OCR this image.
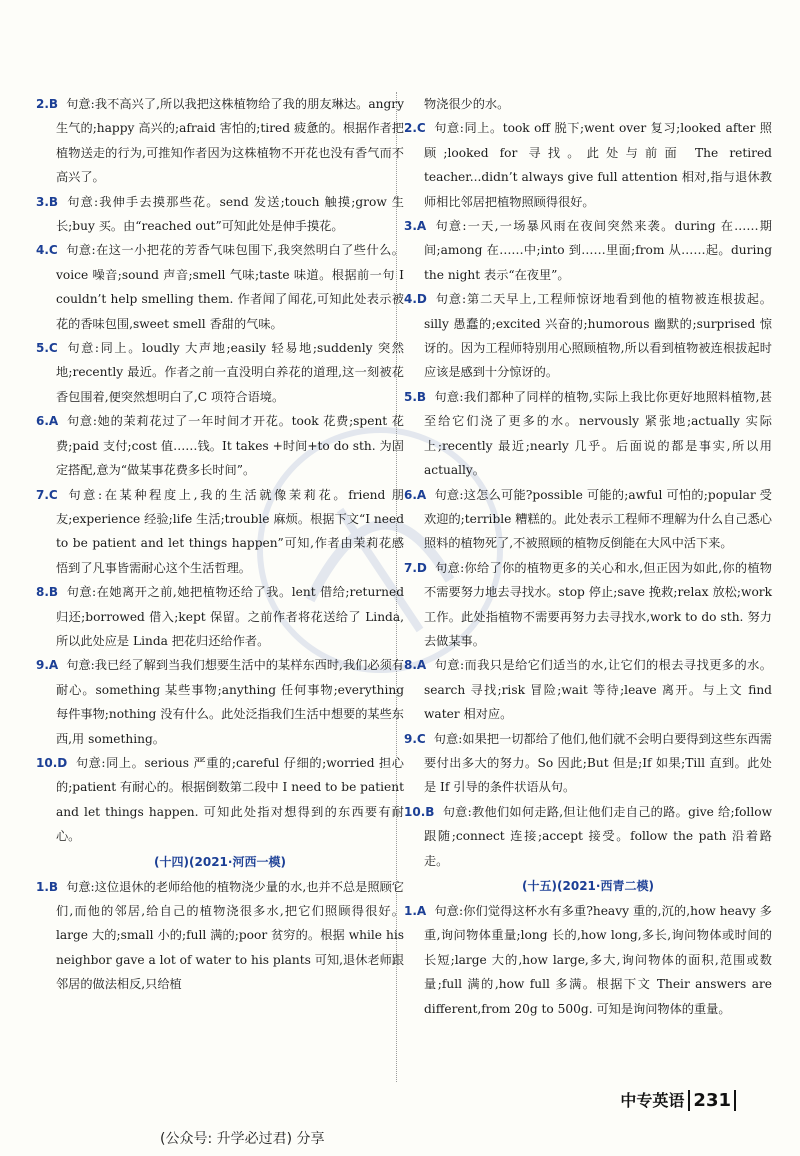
2.B 句意:我不高兴了,所以我把这株植物给了我的朋友琳达。angry 生气的;happy 高兴的;afraid 害怕的;tired 疲惫的。根据作者把植物送走的行为,可推知作者因为这株植物不开花也没有香气而不高兴了。
3.B 句意:我伸手去摸那些花。send 发送;touch 触摸;grow 生长;buy 买。由“reached out”可知此处是伸手摸花。
4.C 句意:在这一小把花的芳香气味包围下,我突然明白了些什么。voice 噪音;sound 声音;smell 气味;taste 味道。根据前一句 I couldn’t help smelling them. 作者闻了闻花,可知此处表示被花的香味包围,sweet smell 香甜的气味。
5.C 句意:同上。loudly 大声地;easily 轻易地;suddenly 突然地;recently 最近。作者之前一直没明白养花的道理,这一刻被花香包围着,便突然想明白了,C 项符合语境。
6.A 句意:她的茉莉花过了一年时间才开花。took 花费;spent 花费;paid 支付;cost 值……钱。It takes +时间+to do sth. 为固定搭配,意为“做某事花费多长时间”。
7.C 句意:在某种程度上,我的生活就像茉莉花。friend 朋友;experience 经验;life 生活;trouble 麻烦。根据下文“I need to be patient and let things happen”可知,作者由茉莉花感悟到了凡事皆需耐心这个生活哲理。
8.B 句意:在她离开之前,她把植物还给了我。lent 借给;returned 归还;borrowed 借入;kept 保留。之前作者将花送给了 Linda,所以此处应是 Linda 把花归还给作者。
9.A 句意:我已经了解到当我们想要生活中的某样东西时,我们必须有耐心。something 某些事物;anything 任何事物;everything 每件事物;nothing 没有什么。此处泛指我们生活中想要的某些东西,用 something。
10.D 句意:同上。serious 严重的;careful 仔细的;worried 担心的;patient 有耐心的。根据倒数第二段中 I need to be patient and let things happen. 可知此处指对想得到的东西要有耐心。
(十四)(2021·河西一模)
1.B 句意:这位退休的老师给他的植物浇少量的水,也并不总是照顾它们,而他的邻居,给自己的植物浇很多水,把它们照顾得很好。large 大的;small 小的;full 满的;poor 贫穷的。根据 while his neighbor gave a lot of water to his plants 可知,退休老师跟邻居的做法相反,只给植
物浇很少的水。
2.C 句意:同上。took off 脱下;went over 复习;looked after 照顾;looked for 寻找。此处与前面 The retired teacher...didn’t always give full attention 相对,指与退休教师相比邻居把植物照顾得很好。
3.A 句意:一天,一场暴风雨在夜间突然来袭。during 在……期间;among 在……中;into 到……里面;from 从……起。during the night 表示“在夜里”。
4.D 句意:第二天早上,工程师惊讶地看到他的植物被连根拔起。silly 愚蠢的;excited 兴奋的;humorous 幽默的;surprised 惊讶的。因为工程师特别用心照顾植物,所以看到植物被连根拔起时应该是感到十分惊讶的。
5.B 句意:我们都种了同样的植物,实际上我比你更好地照料植物,甚至给它们浇了更多的水。nervously 紧张地;actually 实际上;recently 最近;nearly 几乎。后面说的都是事实,所以用 actually。
6.A 句意:这怎么可能?possible 可能的;awful 可怕的;popular 受欢迎的;terrible 糟糕的。此处表示工程师不理解为什么自己悉心照料的植物死了,不被照顾的植物反倒能在大风中活下来。
7.D 句意:你给了你的植物更多的关心和水,但正因为如此,你的植物不需要努力地去寻找水。stop 停止;save 挽救;relax 放松;work 工作。此处指植物不需要再努力去寻找水,work to do sth. 努力去做某事。
8.A 句意:而我只是给它们适当的水,让它们的根去寻找更多的水。search 寻找;risk 冒险;wait 等待;leave 离开。与上文 find water 相对应。
9.C 句意:如果把一切都给了他们,他们就不会明白要得到这些东西需要付出多大的努力。So 因此;But 但是;If 如果;Till 直到。此处是 If 引导的条件状语从句。
10.B 句意:教他们如何走路,但让他们走自己的路。give 给;follow 跟随;connect 连接;accept 接受。follow the path 沿着路走。
(十五)(2021·西青二模)
1.A 句意:你们觉得这杯水有多重?heavy 重的,沉的,how heavy 多重,询问物体重量;long 长的,how long,多长,询问物体或时间的长短;large 大的,how large,多大,询问物体的面积,范围或数量;full 满的,how full 多满。根据下文 Their answers are different,from 20g to 500g. 可知是询问物体的重量。
中专英语 231
(公众号: 升学必过君) 分享
